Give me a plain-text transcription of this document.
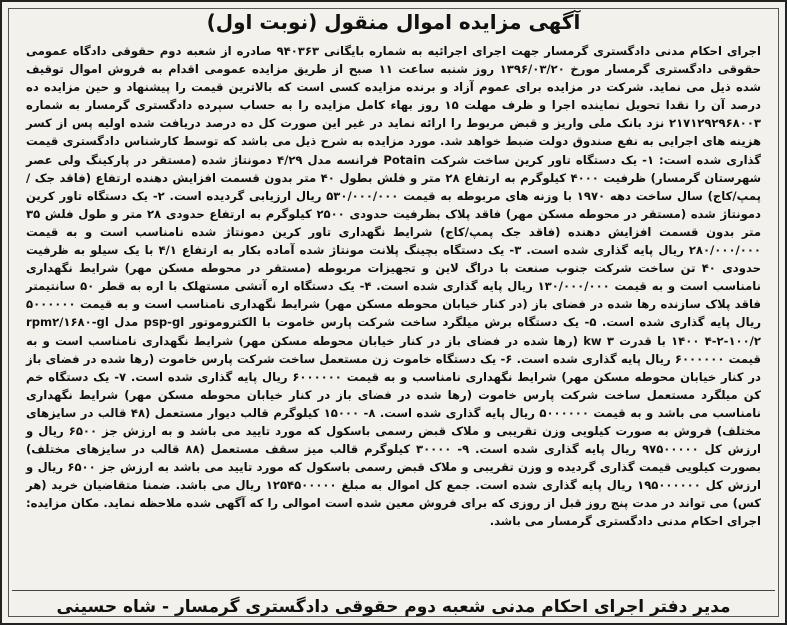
آگهی مزایده اموال منقول (نوبت اول)
اجرای احکام مدنی دادگستری گرمسار جهت اجرای اجرائیه به شماره بایگانی ۹۴۰۳۶۳ صادره از شعبه دوم حقوقی دادگاه عمومی حقوقی دادگستری گرمسار مورخ ۱۳۹۶/۰۳/۲۰ روز شنبه ساعت ۱۱ صبح از طریق مزایده عمومی اقدام به فروش اموال توقیف شده ذیل می نماید. شرکت در مزایده برای عموم آزاد و برنده مزایده کسی است که بالاترین قیمت را پیشنهاد و حین مزایده ده درصد آن را نقدا تحویل نماینده اجرا و ظرف مهلت ۱۵ روز بهاء کامل مزایده را به حساب سپرده دادگستری گرمسار به شماره ۲۱۷۱۲۹۲۹۶۸۰۰۳ نزد بانک ملی واریز و قبض مربوط را ارائه نماید در غیر این صورت کل ده درصد دریافت شده اولیه پس از کسر هزینه های اجرایی به نفع صندوق دولت ضبط خواهد شد. مورد مزایده به شرح ذیل می باشد که توسط کارشناس دادگستری قیمت گذاری شده است: ۱- یک دستگاه تاور کرین ساخت شرکت Potain فرانسه مدل ۴/۲۹ دمونتاژ شده (مستقر در پارکینگ ولی عصر شهرستان گرمسار) ظرفیت ۴۰۰۰ کیلوگرم به ارتفاع ۲۸ متر و فلش بطول ۴۰ متر بدون قسمت افزایش دهنده ارتفاع (فاقد جک /پمپ/کاج) سال ساخت دهه ۱۹۷۰ با وزنه های مربوطه به قیمت ۵۳۰/۰۰۰/۰۰۰ ریال ارزیابی گردیده است. ۲- یک دستگاه تاور کرین دمونتاژ شده (مستقر در محوطه مسکن مهر) فاقد پلاک بظرفیت حدودی ۲۵۰۰ کیلوگرم به ارتفاع حدودی ۲۸ متر و طول فلش ۳۵ متر بدون قسمت افزایش دهنده (فاقد جک پمپ/کاج) شرایط نگهداری تاور کرین دمونتاژ شده نامناسب است و به قیمت ۲۸۰/۰۰۰/۰۰۰ ریال پایه گذاری شده است. ۳- یک دستگاه بچینگ پلانت مونتاژ شده آماده بکار به ارتفاع ۴/۱ با یک سیلو به ظرفیت حدودی ۴۰ تن ساخت شرکت جنوب صنعت با دراگ لاین و تجهیزات مربوطه (مستقر در محوطه مسکن مهر) شرایط نگهداری نامناسب است و به قیمت ۱۳۰/۰۰۰/۰۰۰ ریال پایه گذاری شده است. ۴- یک دستگاه اره آتشی مستهلک با اره به قطر ۵۰ سانتیمتر فاقد پلاک سازنده رها شده در فضای باز (در کنار خیابان محوطه مسکن مهر) شرایط نگهداری نامناسب است و به قیمت ۵۰۰۰۰۰۰ ریال پایه گذاری شده است. ۵- یک دستگاه برش میلگرد ساخت شرکت پارس خاموت با الکتروموتور psp-gl مدل rpm۲/۱۶۸۰-gl ۱۴۰۰ ۴-۲-۱۰۰/۲ با قدرت kw ۳ (رها شده در فضای باز در کنار خیابان محوطه مسکن مهر) شرایط نگهداری نامناسب است و به قیمت ۶۰۰۰۰۰۰ ریال پایه گذاری شده است. ۶- یک دستگاه خاموت زن مستعمل ساخت شرکت پارس خاموت (رها شده در فضای باز در کنار خیابان محوطه مسکن مهر) شرایط نگهداری نامناسب و به قیمت ۶۰۰۰۰۰۰ ریال پایه گذاری شده است. ۷- یک دستگاه خم کن میلگرد مستعمل ساخت شرکت پارس خاموت (رها شده در فضای باز در کنار خیابان محوطه مسکن مهر) شرایط نگهداری نامناسب می باشد و به قیمت ۵۰۰۰۰۰۰ ریال پایه گذاری شده است. ۸- ۱۵۰۰۰ کیلوگرم قالب دیوار مستعمل (۴۸ قالب در سایزهای مختلف) فروش به صورت کیلویی وزن تقریبی و ملاک قبض رسمی باسکول که مورد تایید می باشد و به ارزش جز ۶۵۰۰ ریال و ارزش کل ۹۷۵۰۰۰۰۰ ریال پایه گذاری شده است. ۹- ۳۰۰۰۰ کیلوگرم قالب میز سقف مستعمل (۸۸ قالب در سایزهای مختلف) بصورت کیلویی قیمت گذاری گردیده و وزن تقریبی و ملاک قبض رسمی باسکول که مورد تایید می باشد به ارزش جز ۶۵۰۰ ریال و ارزش کل ۱۹۵۰۰۰۰۰۰ ریال پایه گذاری شده است. جمع کل اموال به مبلغ ۱۲۵۴۵۰۰۰۰۰ ریال می باشد. ضمنا متقاضیان خرید (هر کس) می تواند در مدت پنج روز قبل از روزی که برای فروش معین شده است اموالی را که آگهی شده ملاحظه نماید. مکان مزایده: اجرای احکام مدنی دادگستری گرمسار می باشد.
مدیر دفتر اجرای احکام مدنی شعبه دوم حقوقی دادگستری گرمسار - شاه حسینی
